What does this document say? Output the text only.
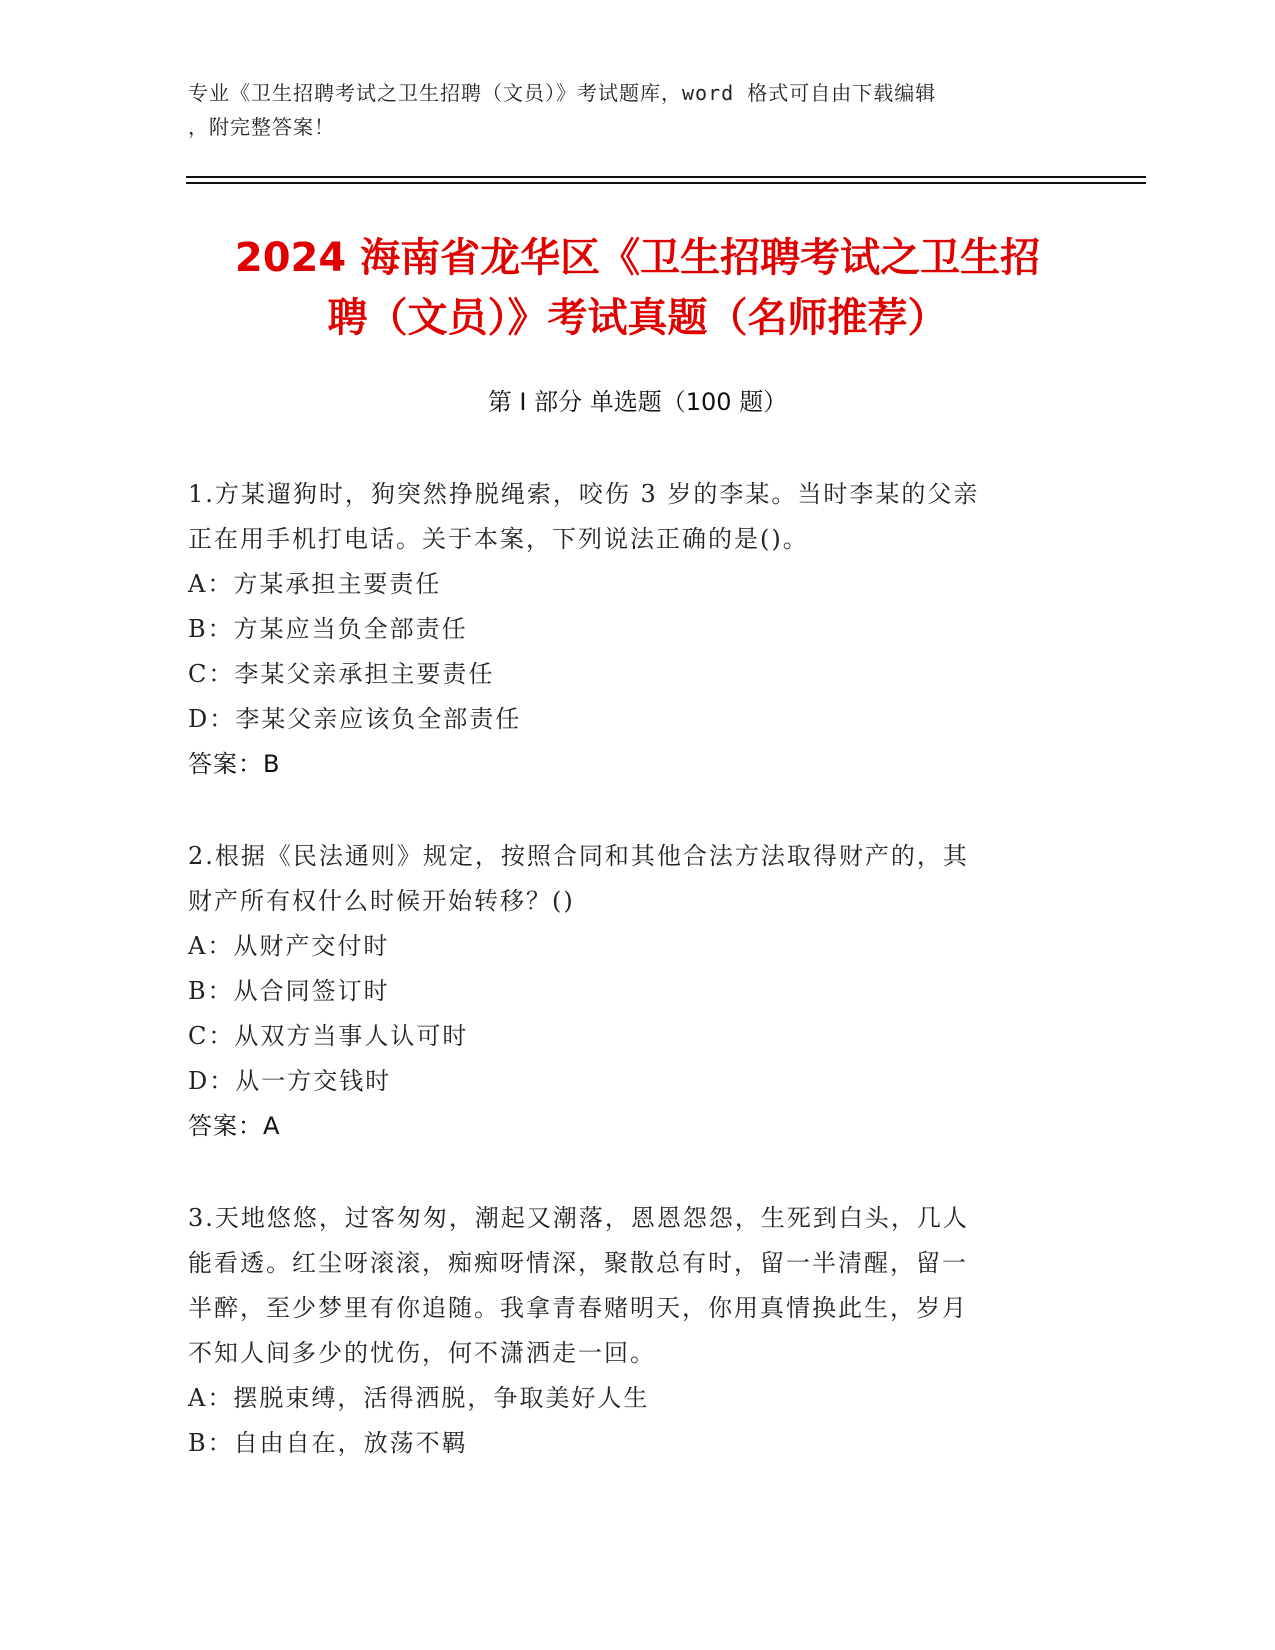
专业《卫生招聘考试之卫生招聘（文员）》考试题库，word 格式可自由下载编辑
，附完整答案！
2024 海南省龙华区《卫生招聘考试之卫生招
聘（文员）》考试真题（名师推荐）
第 I 部分 单选题（100 题）

1.方某遛狗时，狗突然挣脱绳索，咬伤 3 岁的李某。当时李某的父亲

正在用手机打电话。关于本案，下列说法正确的是()。

A：方某承担主要责任

B：方某应当负全部责任

C：李某父亲承担主要责任

D：李某父亲应该负全部责任

答案：B

2.根据《民法通则》规定，按照合同和其他合法方法取得财产的，其

财产所有权什么时候开始转移？()

A：从财产交付时

B：从合同签订时

C：从双方当事人认可时

D：从一方交钱时

答案：A

3.天地悠悠，过客匆匆，潮起又潮落，恩恩怨怨，生死到白头，几人

能看透。红尘呀滚滚，痴痴呀情深，聚散总有时，留一半清醒，留一

半醉，至少梦里有你追随。我拿青春赌明天，你用真情换此生，岁月

不知人间多少的忧伤，何不潇洒走一回。

A：摆脱束缚，活得洒脱，争取美好人生

B：自由自在，放荡不羁
